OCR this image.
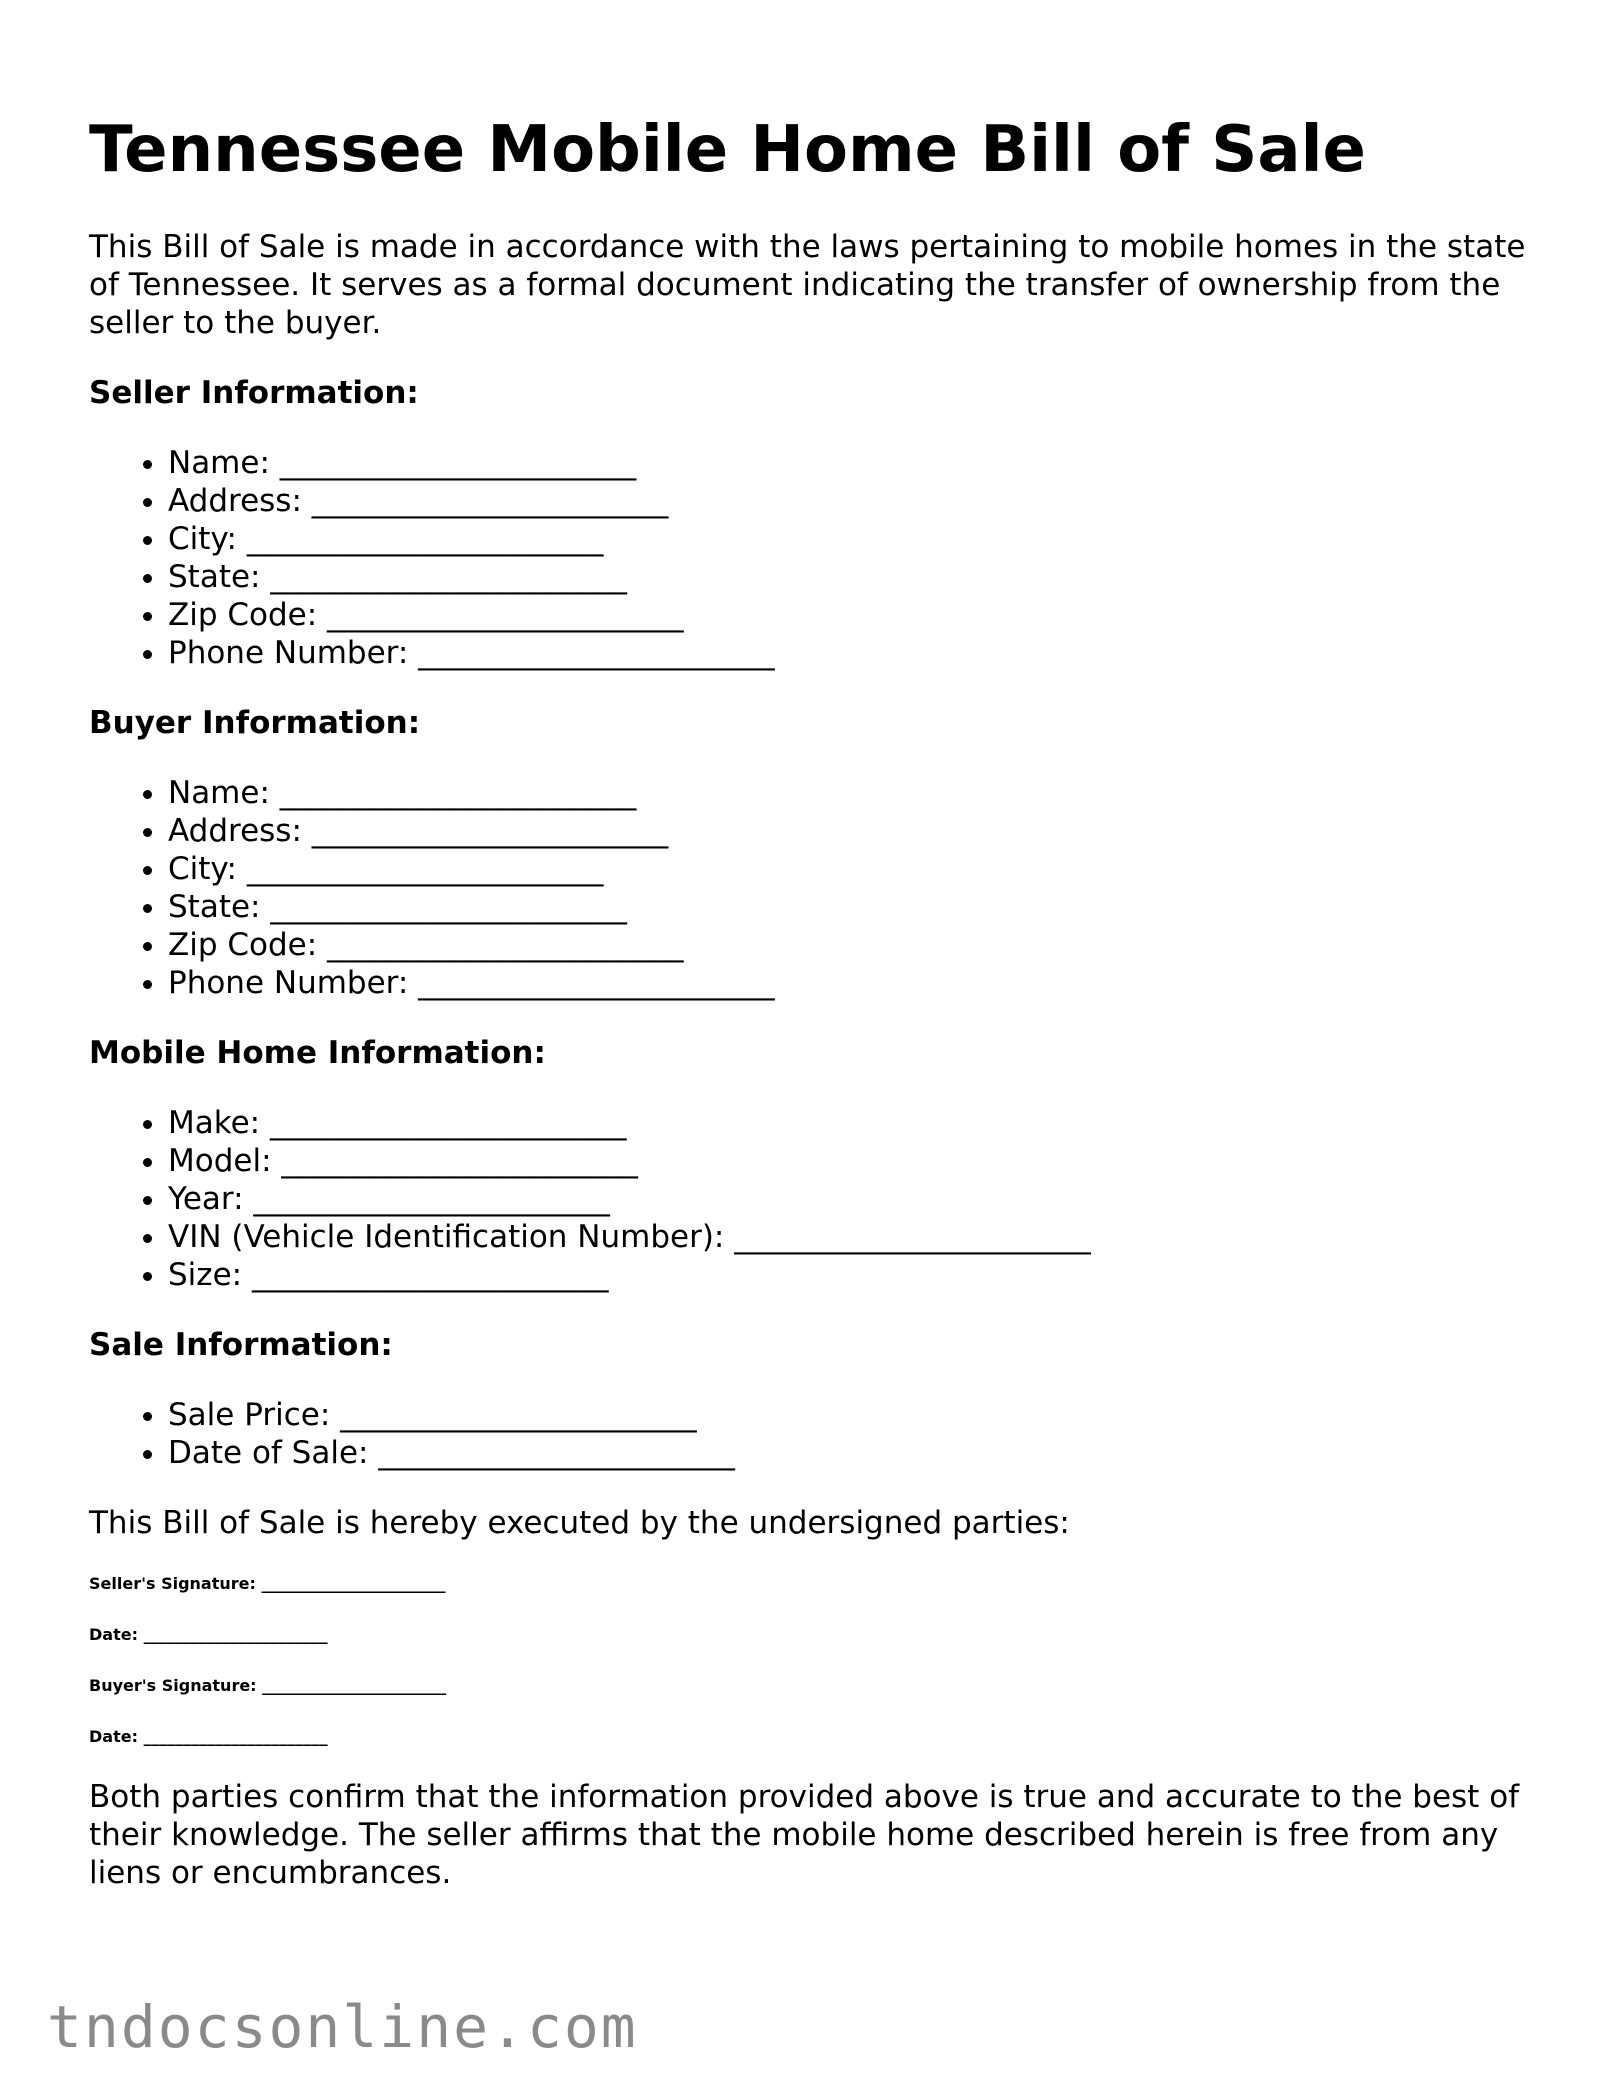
Tennessee Mobile Home Bill of Sale

This Bill of Sale is made in accordance with the laws pertaining to mobile homes in the state of Tennessee. It serves as a formal document indicating the transfer of ownership from the seller to the buyer.

Seller Information:
• Name: _______________________
• Address: _______________________
• City: _______________________
• State: _______________________
• Zip Code: _______________________
• Phone Number: _______________________
Buyer Information:
• Name: _______________________
• Address: _______________________
• City: _______________________
• State: _______________________
• Zip Code: _______________________
• Phone Number: _______________________
Mobile Home Information:
• Make: _______________________
• Model: _______________________
• Year: _______________________
• VIN (Vehicle Identification Number): _______________________
• Size: _______________________
Sale Information:
• Sale Price: _______________________
• Date of Sale: _______________________

This Bill of Sale is hereby executed by the undersigned parties:

Seller's Signature: _______________________
Date: _______________________
Buyer's Signature: _______________________
Date: _______________________

Both parties confirm that the information provided above is true and accurate to the best of their knowledge. The seller affirms that the mobile home described herein is free from any liens or encumbrances.

tndocsonline.com
